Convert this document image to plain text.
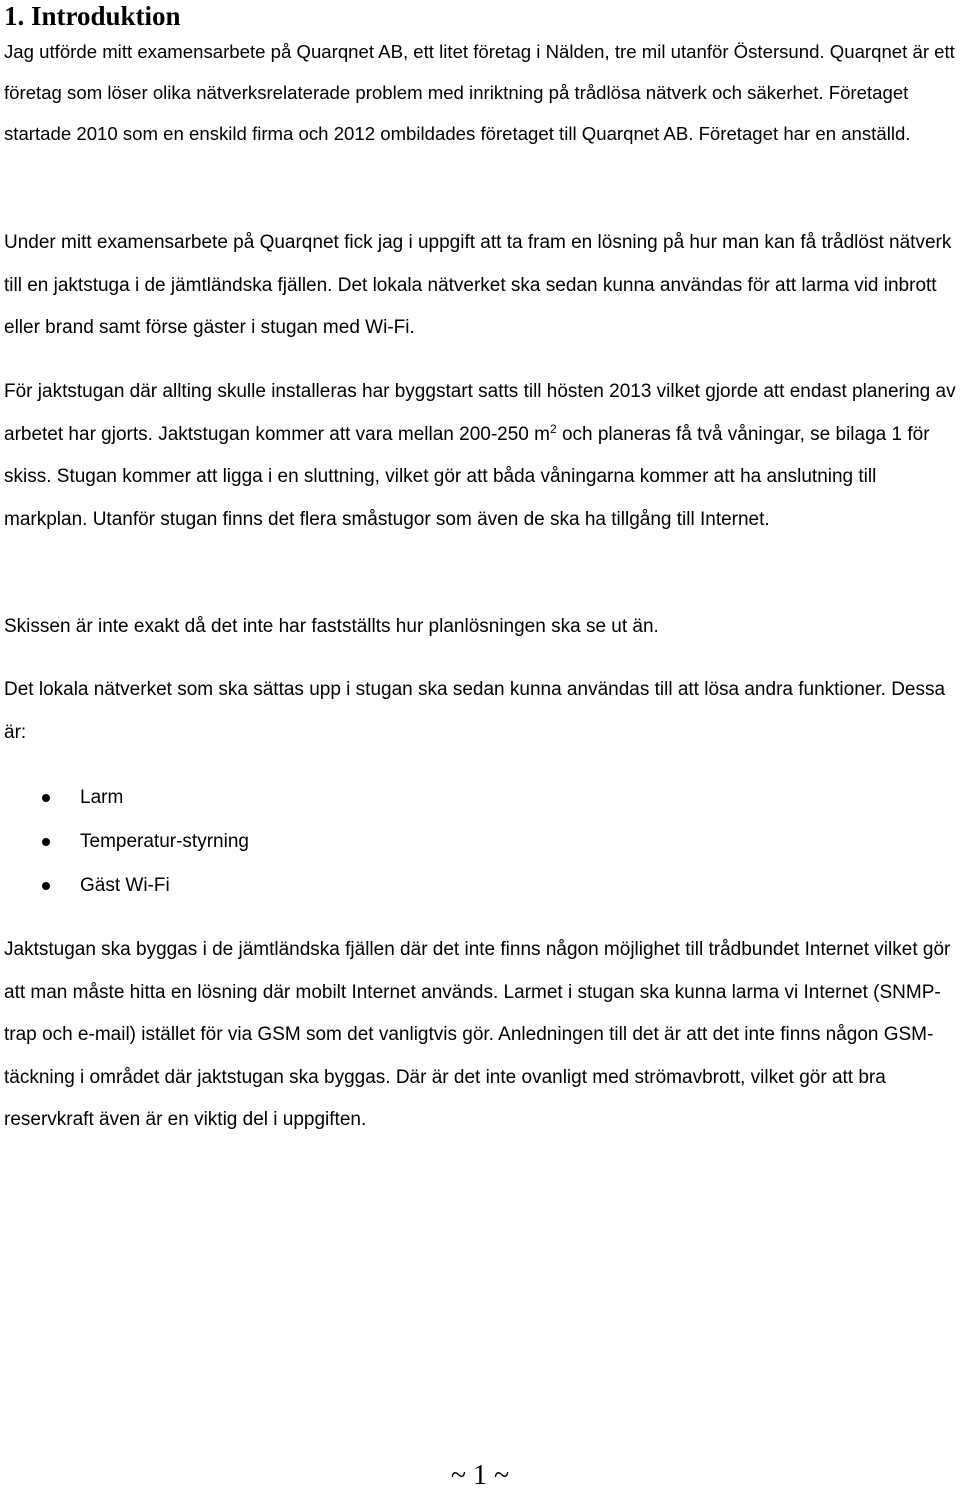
1. Introduktion

Jag utförde mitt examensarbete på Quarqnet AB, ett litet företag i Nälden, tre mil utanför Östersund. Quarqnet är ett företag som löser olika nätverksrelaterade problem med inriktning på trådlösa nätverk och säkerhet. Företaget startade 2010 som en enskild firma och 2012 ombildades företaget till Quarqnet AB. Företaget har en anställd.

Under mitt examensarbete på Quarqnet fick jag i uppgift att ta fram en lösning på hur man kan få trådlöst nätverk till en jaktstuga i de jämtländska fjällen. Det lokala nätverket ska sedan kunna användas för att larma vid inbrott eller brand samt förse gäster i stugan med Wi-Fi.

För jaktstugan där allting skulle installeras har byggstart satts till hösten 2013 vilket gjorde att endast planering av arbetet har gjorts. Jaktstugan kommer att vara mellan 200-250 $m^2$ och planeras få två våningar, se bilaga 1 för skiss. Stugan kommer att ligga i en sluttning, vilket gör att båda våningarna kommer att ha anslutning till markplan. Utanför stugan finns det flera småstugor som även de ska ha tillgång till Internet.

Skissen är inte exakt då det inte har fastställts hur planlösningen ska se ut än.

Det lokala nätverket som ska sättas upp i stugan ska sedan kunna användas till att lösa andra funktioner. Dessa är:

Larm
Temperatur-styrning
Gäst Wi-Fi

Jaktstugan ska byggas i de jämtländska fjällen där det inte finns någon möjlighet till trådbundet Internet vilket gör att man måste hitta en lösning där mobilt Internet används. Larmet i stugan ska kunna larma vi Internet (SNMP-trap och e-mail) istället för via GSM som det vanligtvis gör. Anledningen till det är att det inte finns någon GSM-täckning i området där jaktstugan ska byggas. Där är det inte ovanligt med strömavbrott, vilket gör att bra reservkraft även är en viktig del i uppgiften.

~ 1 ~
